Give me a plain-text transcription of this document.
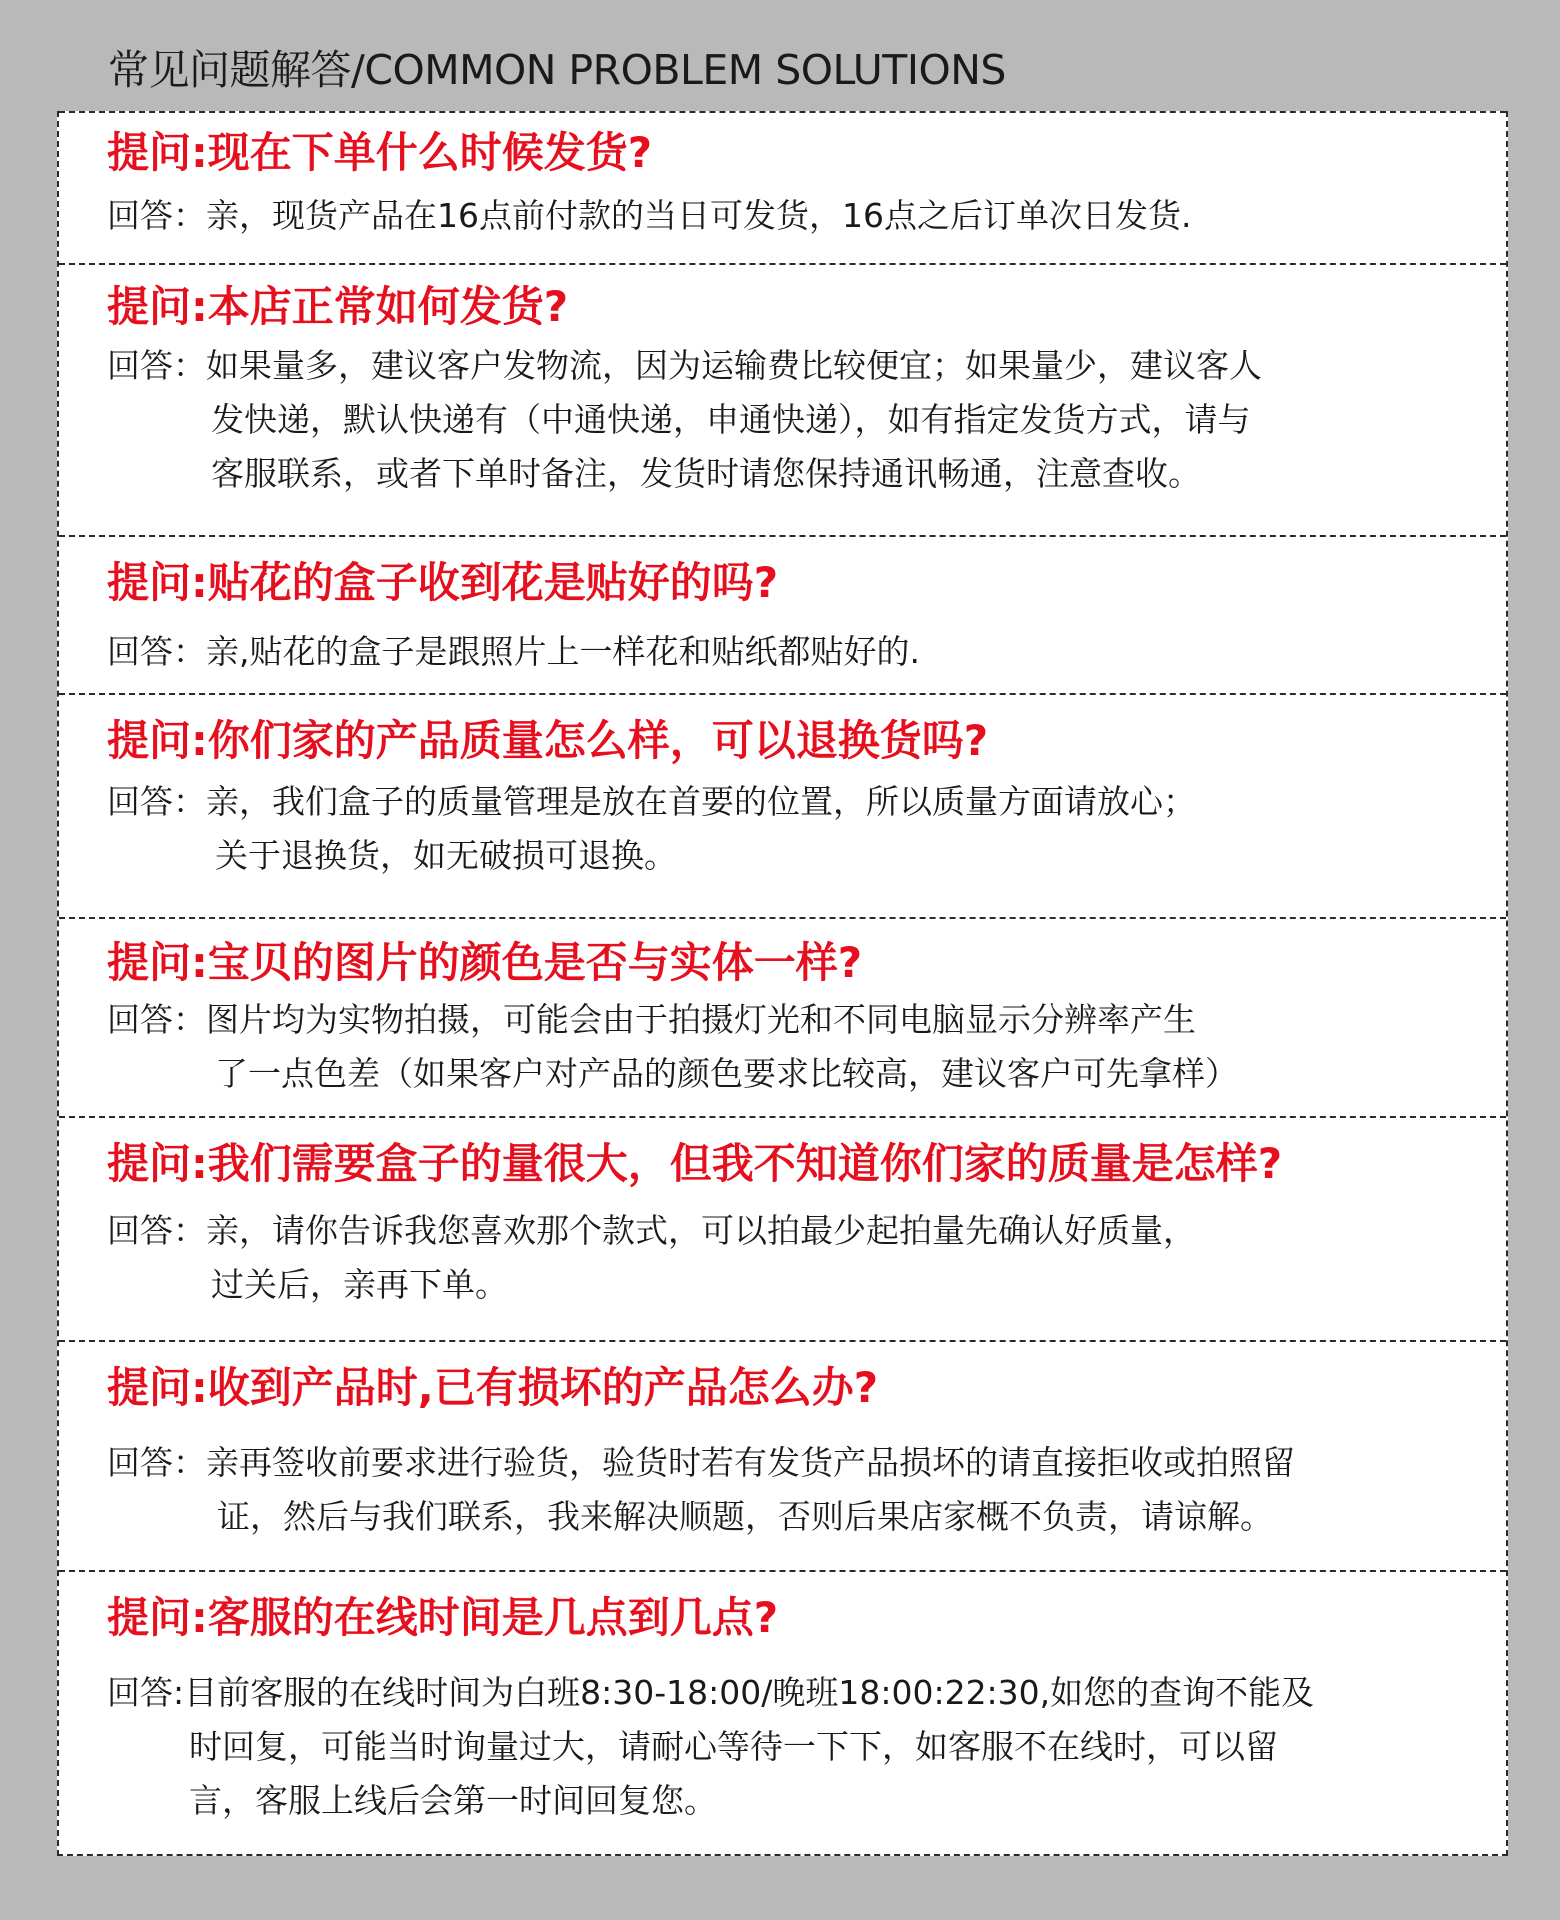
常见问题解答/COMMON PROBLEM SOLUTIONS
提问:现在下单什么时候发货?
回答：亲，现货产品在16点前付款的当日可发货，16点之后订单次日发货.
提问:本店正常如何发货?
回答：如果量多，建议客户发物流，因为运输费比较便宜；如果量少，建议客人
发快递，默认快递有（中通快递，申通快递），如有指定发货方式，请与
客服联系，或者下单时备注，发货时请您保持通讯畅通，注意查收。
提问:贴花的盒子收到花是贴好的吗?
回答：亲,贴花的盒子是跟照片上一样花和贴纸都贴好的.
提问:你们家的产品质量怎么样，可以退换货吗?
回答：亲，我们盒子的质量管理是放在首要的位置，所以质量方面请放心；
关于退换货，如无破损可退换。
提问:宝贝的图片的颜色是否与实体一样?
回答：图片均为实物拍摄，可能会由于拍摄灯光和不同电脑显示分辨率产生
了一点色差（如果客户对产品的颜色要求比较高，建议客户可先拿样）
提问:我们需要盒子的量很大，但我不知道你们家的质量是怎样?
回答：亲，请你告诉我您喜欢那个款式，可以拍最少起拍量先确认好质量，
过关后，亲再下单。
提问:收到产品时,已有损坏的产品怎么办?
回答：亲再签收前要求进行验货，验货时若有发货产品损坏的请直接拒收或拍照留
证，然后与我们联系，我来解决顺题，否则后果店家概不负责，请谅解。
提问:客服的在线时间是几点到几点?
回答:目前客服的在线时间为白班8:30-18:00/晚班18:00:22:30,如您的查询不能及
时回复，可能当时询量过大，请耐心等待一下下，如客服不在线时，可以留
言，客服上线后会第一时间回复您。
